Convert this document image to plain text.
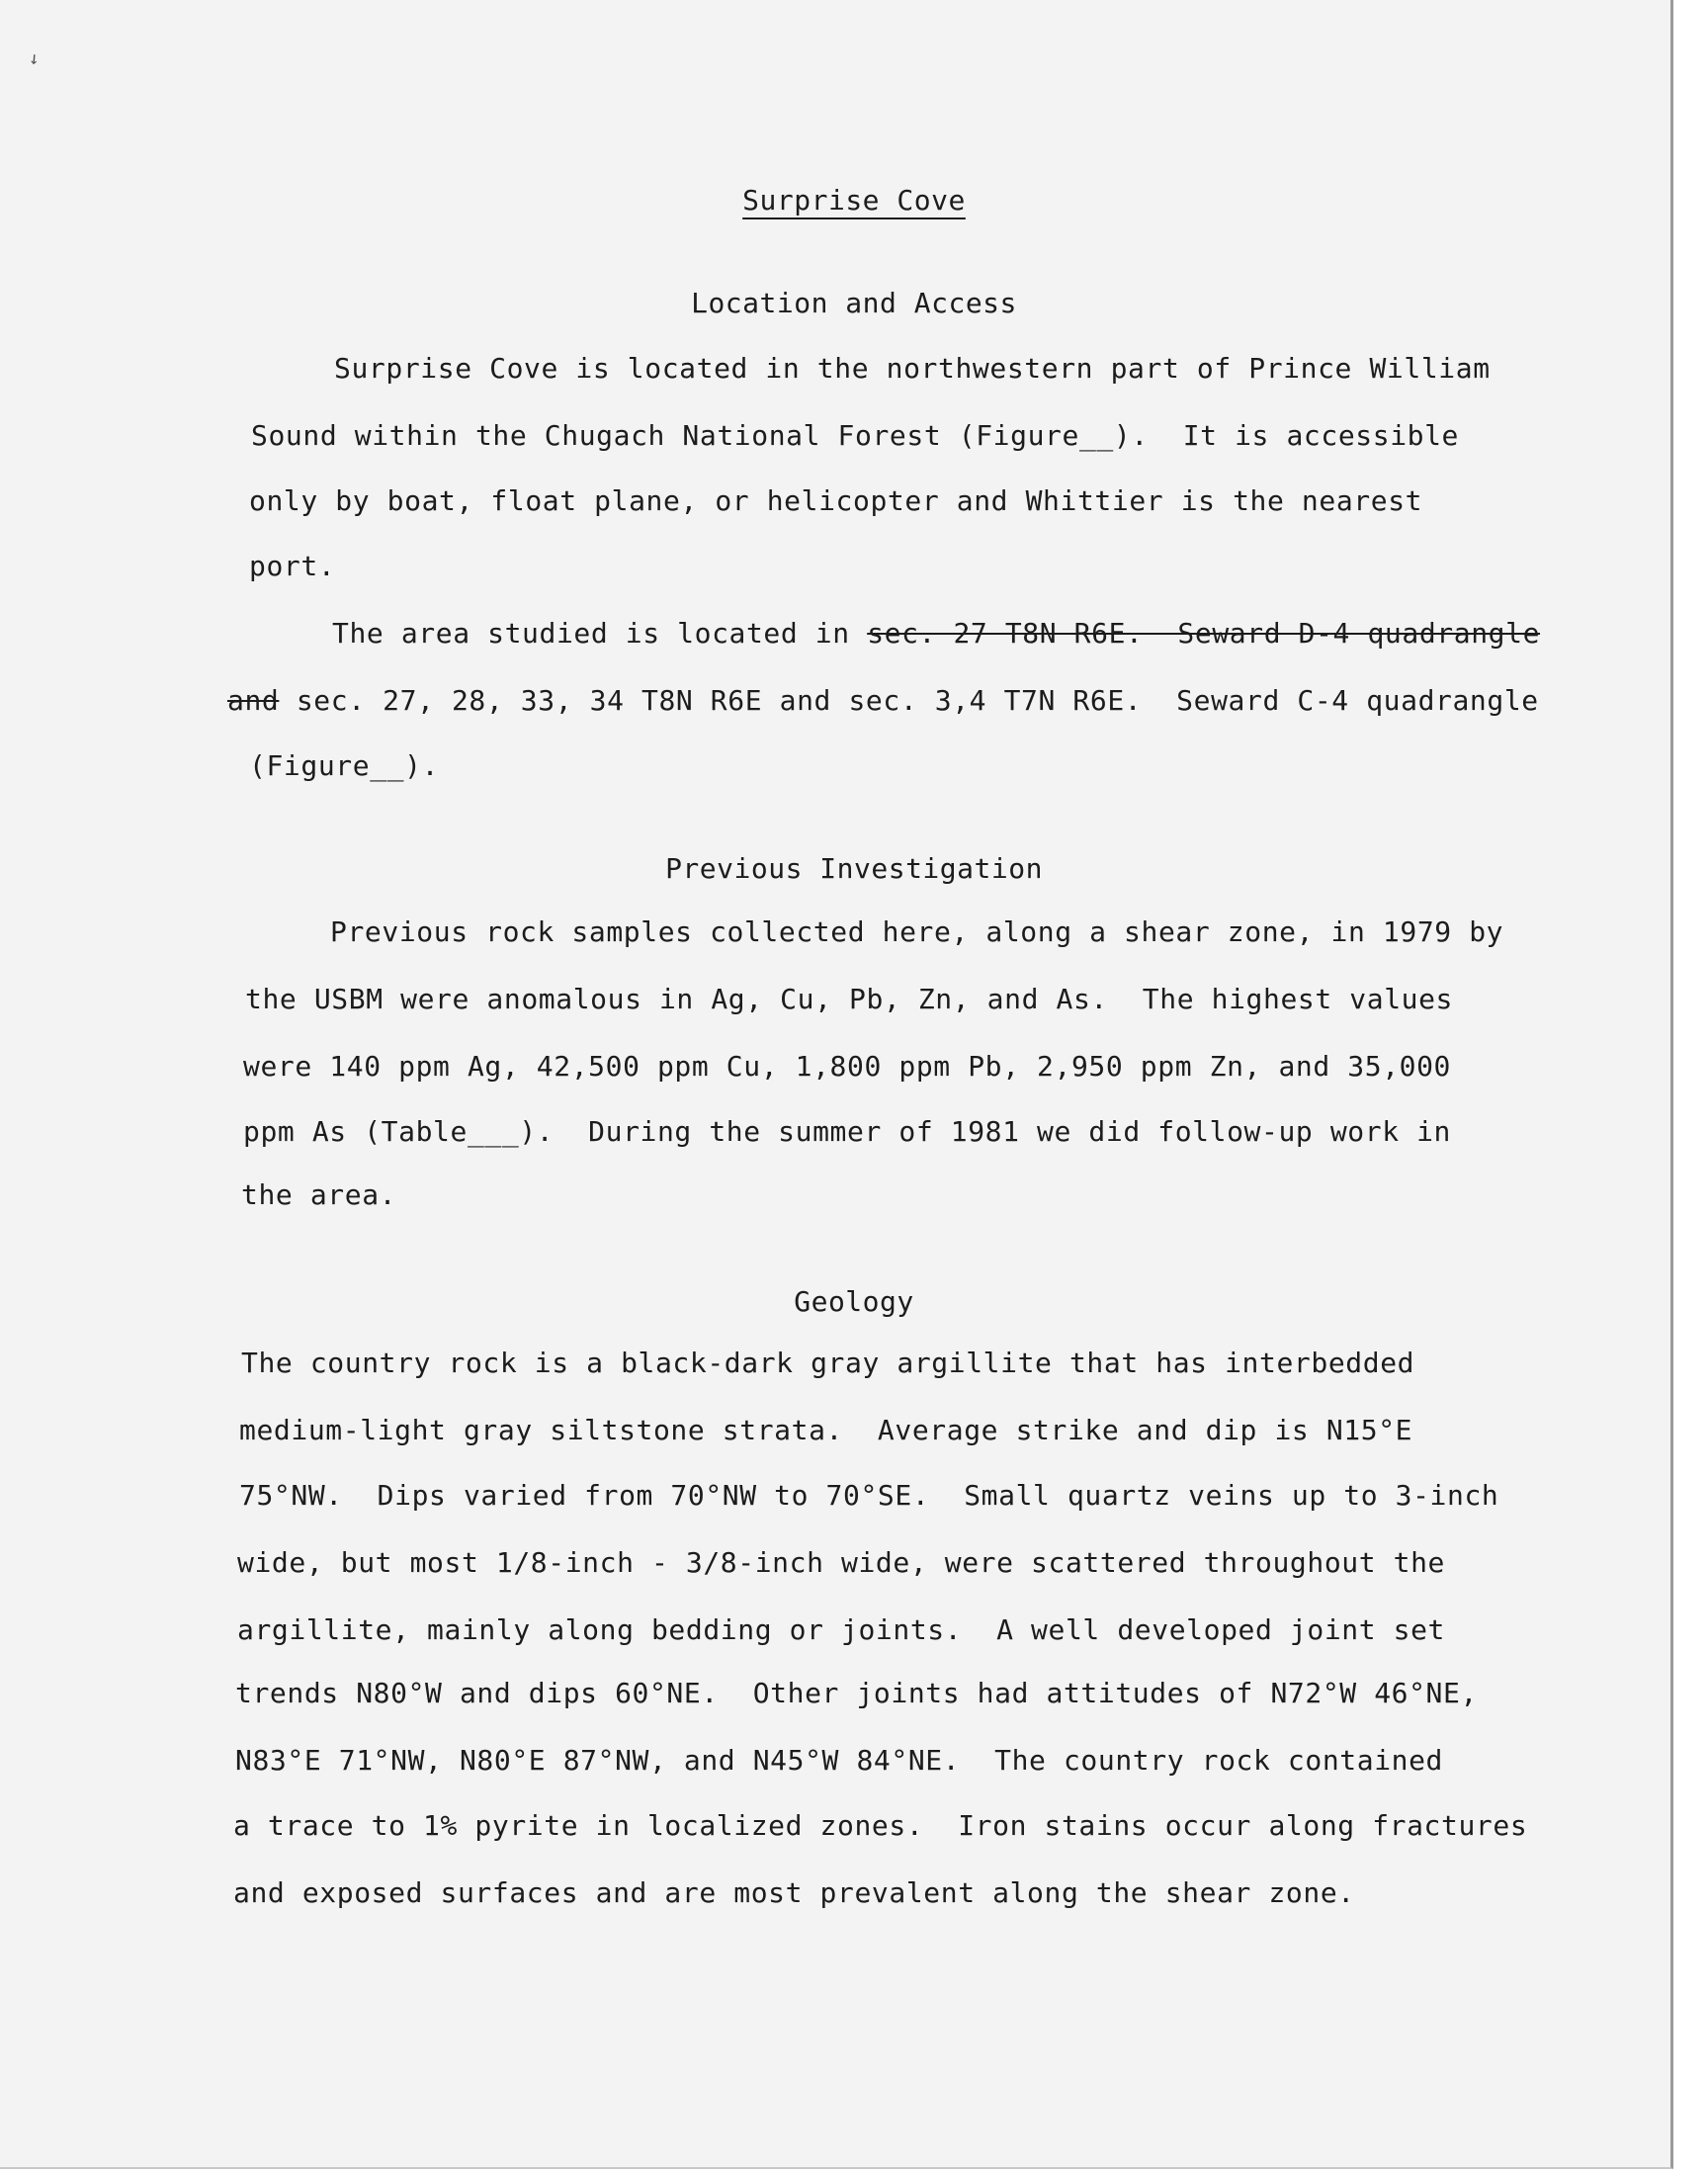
↙
Surprise Cove
Location and Access
Surprise Cove is located in the northwestern part of Prince William
Sound within the Chugach National Forest (Figure__).  It is accessible
only by boat, float plane, or helicopter and Whittier is the nearest
port.
The area studied is located in sec. 27 T8N R6E.  Seward D-4 quadrangle
and sec. 27, 28, 33, 34 T8N R6E and sec. 3,4 T7N R6E.  Seward C-4 quadrangle
(Figure__).
Previous Investigation
Previous rock samples collected here, along a shear zone, in 1979 by
the USBM were anomalous in Ag, Cu, Pb, Zn, and As.  The highest values
were 140 ppm Ag, 42,500 ppm Cu, 1,800 ppm Pb, 2,950 ppm Zn, and 35,000
ppm As (Table___).  During the summer of 1981 we did follow-up work in
the area.
Geology
The country rock is a black-dark gray argillite that has interbedded
medium-light gray siltstone strata.  Average strike and dip is N15°E
75°NW.  Dips varied from 70°NW to 70°SE.  Small quartz veins up to 3-inch
wide, but most 1/8-inch - 3/8-inch wide, were scattered throughout the
argillite, mainly along bedding or joints.  A well developed joint set
trends N80°W and dips 60°NE.  Other joints had attitudes of N72°W 46°NE,
N83°E 71°NW, N80°E 87°NW, and N45°W 84°NE.  The country rock contained
a trace to 1% pyrite in localized zones.  Iron stains occur along fractures
and exposed surfaces and are most prevalent along the shear zone.
